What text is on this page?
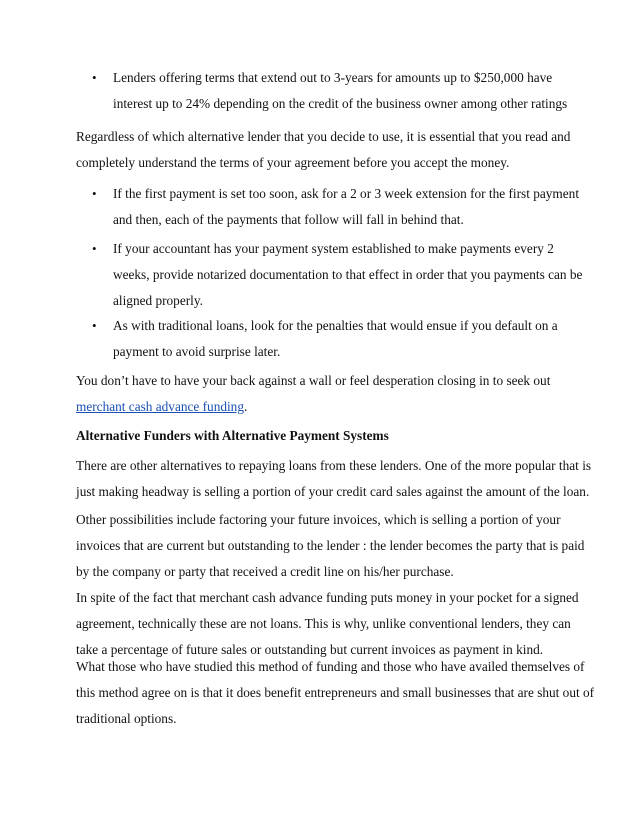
• Lenders offering terms that extend out to 3-years for amounts up to $250,000 have
interest up to 24% depending on the credit of the business owner among other ratings
Regardless of which alternative lender that you decide to use, it is essential that you read and
completely understand the terms of your agreement before you accept the money.
• If the first payment is set too soon, ask for a 2 or 3 week extension for the first payment
and then, each of the payments that follow will fall in behind that.
• If your accountant has your payment system established to make payments every 2
weeks, provide notarized documentation to that effect in order that you payments can be
aligned properly.
• As with traditional loans, look for the penalties that would ensue if you default on a
payment to avoid surprise later.
You don’t have to have your back against a wall or feel desperation closing in to seek out
merchant cash advance funding.
Alternative Funders with Alternative Payment Systems
There are other alternatives to repaying loans from these lenders. One of the more popular that is
just making headway is selling a portion of your credit card sales against the amount of the loan.
Other possibilities include factoring your future invoices, which is selling a portion of your
invoices that are current but outstanding to the lender : the lender becomes the party that is paid
by the company or party that received a credit line on his/her purchase.
In spite of the fact that merchant cash advance funding puts money in your pocket for a signed
agreement, technically these are not loans. This is why, unlike conventional lenders, they can
take a percentage of future sales or outstanding but current invoices as payment in kind.
What those who have studied this method of funding and those who have availed themselves of
this method agree on is that it does benefit entrepreneurs and small businesses that are shut out of
traditional options.
